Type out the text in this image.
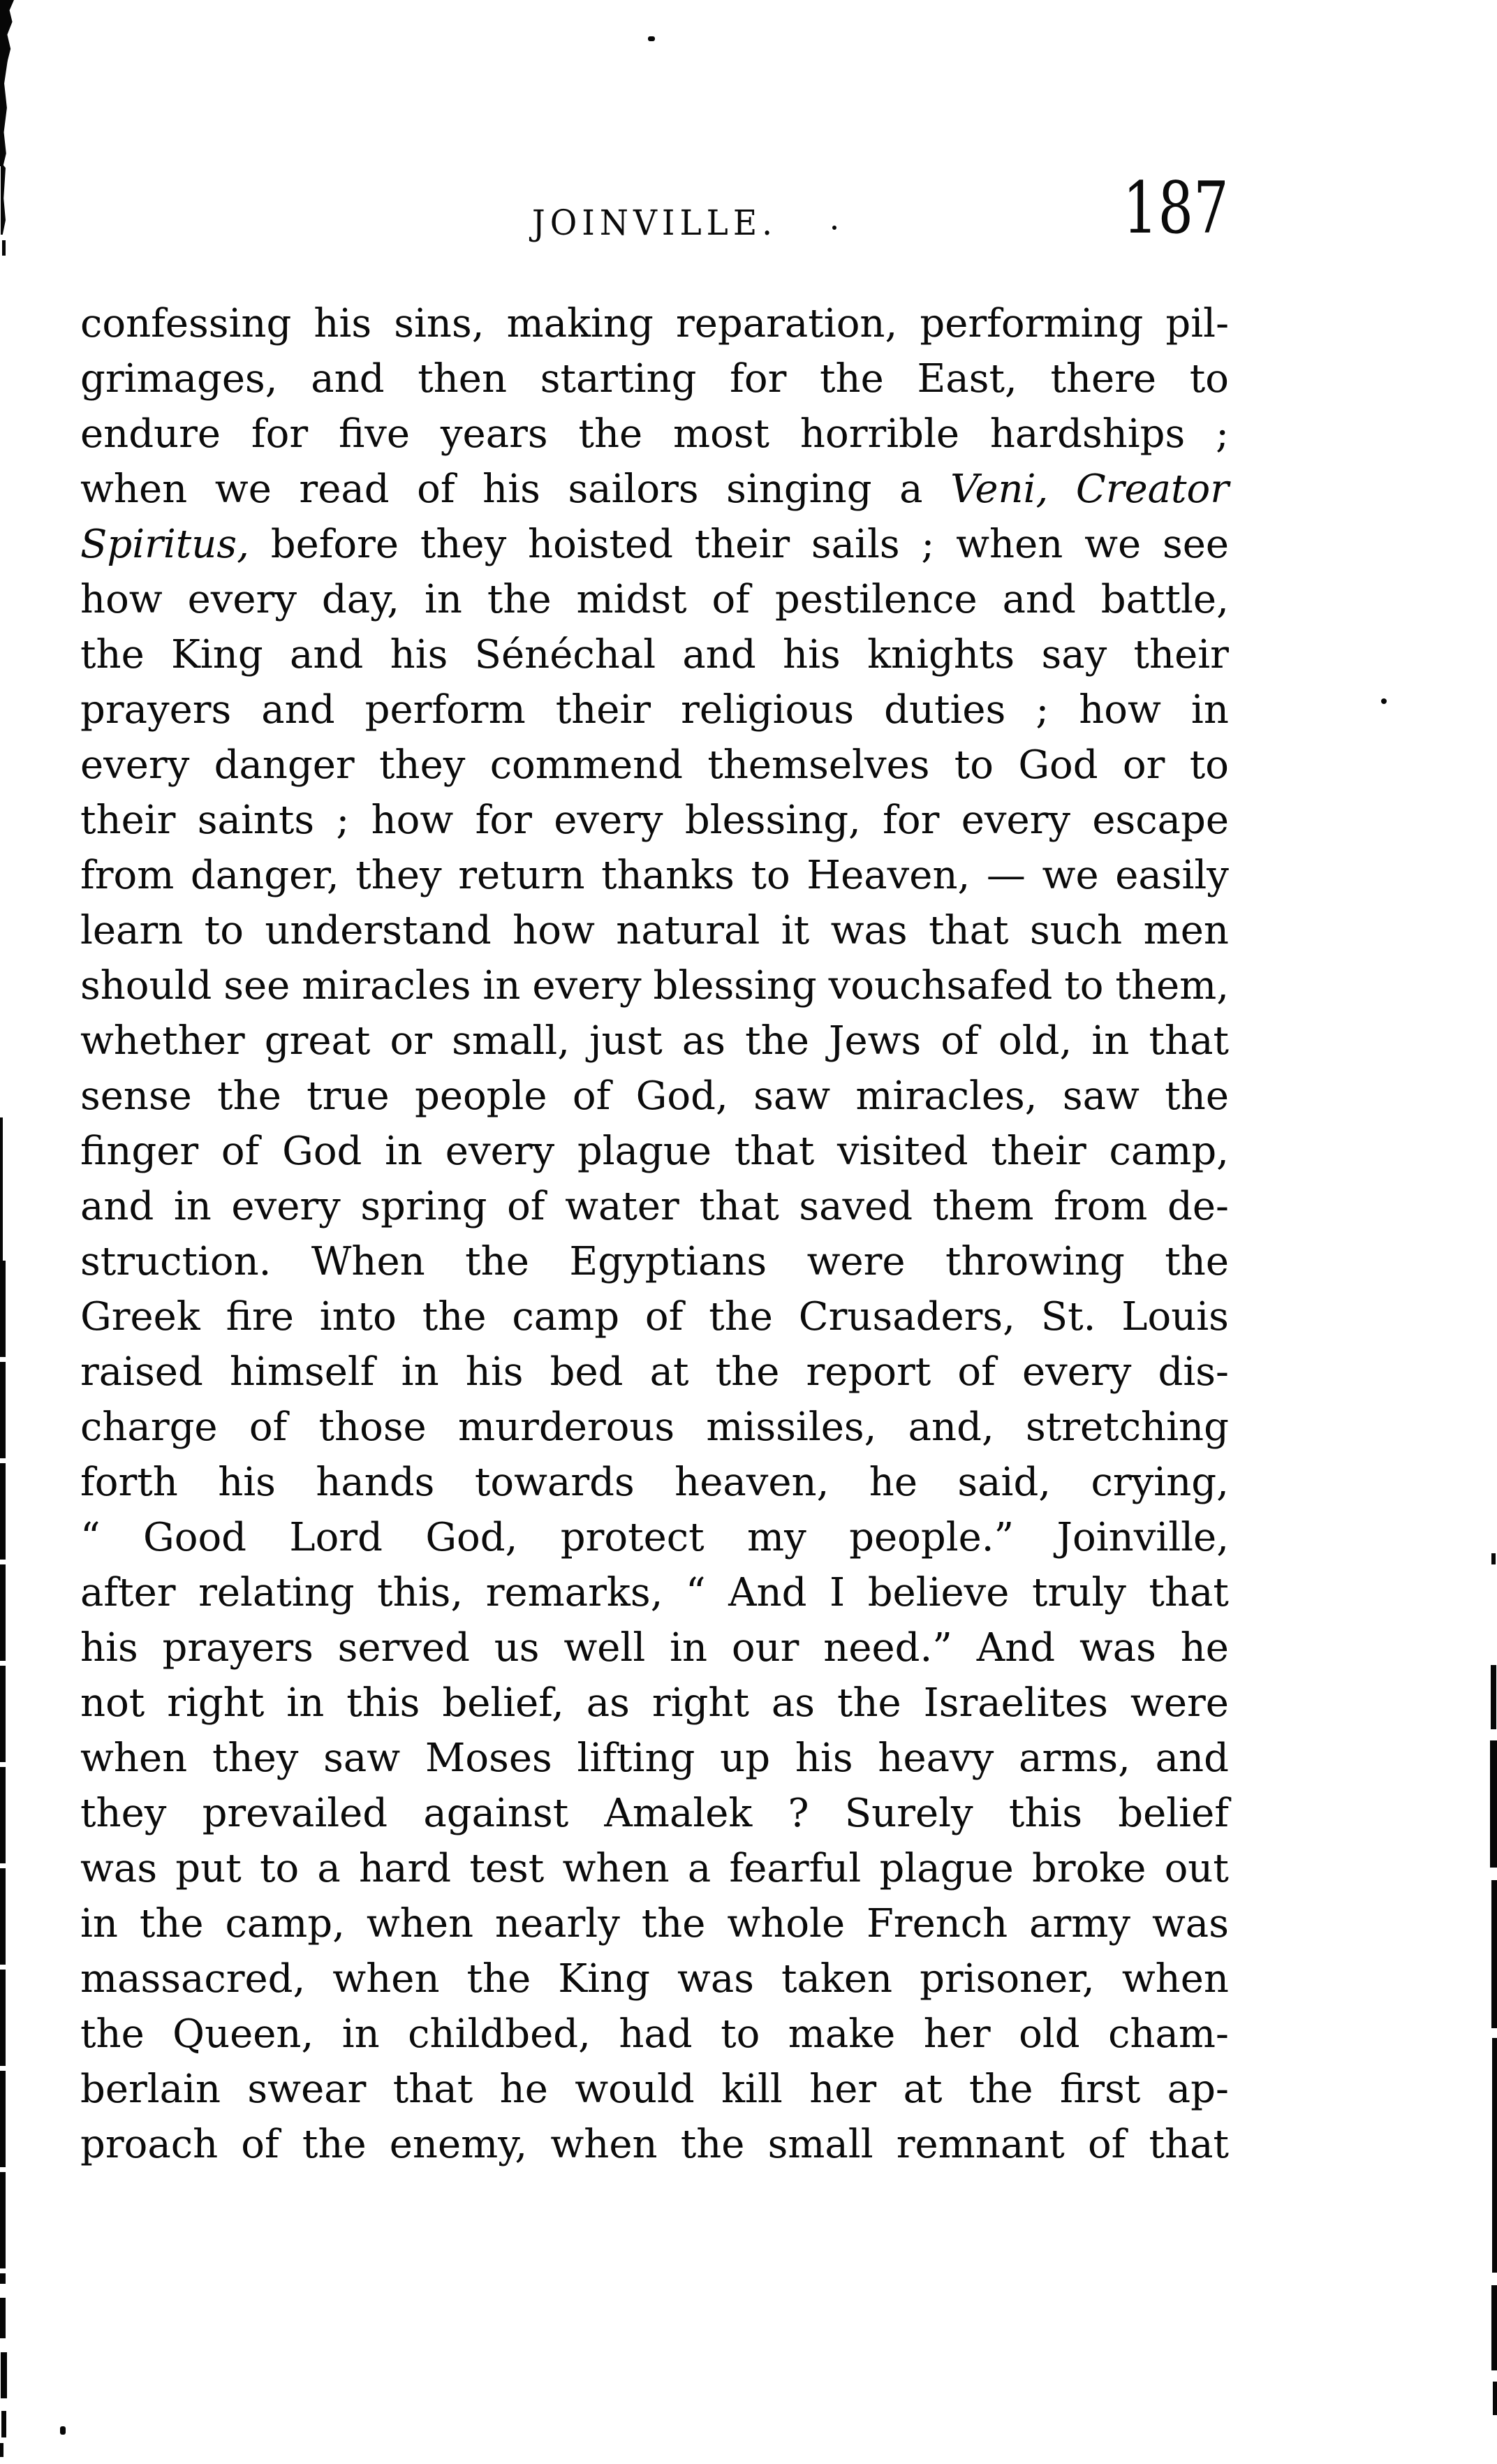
JOINVILLE.	187
confessing his sins, making reparation, performing pil-
grimages, and then starting for the East, there to
endure for five years the most horrible hardships ;
when we read of his sailors singing a Veni, Creator
Spiritus, before they hoisted their sails ; when we see
how every day, in the midst of pestilence and battle,
the King and his Sénéchal and his knights say their
prayers and perform their religious duties ; how in
every danger they commend themselves to God or to
their saints ; how for every blessing, for every escape
from danger, they return thanks to Heaven, — we easily
learn to understand how natural it was that such men
should see miracles in every blessing vouchsafed to them,
whether great or small, just as the Jews of old, in that
sense the true people of God, saw miracles, saw the
finger of God in every plague that visited their camp,
and in every spring of water that saved them from de-
struction. When the Egyptians were throwing the
Greek fire into the camp of the Crusaders, St. Louis
raised himself in his bed at the report of every dis-
charge of those murderous missiles, and, stretching
forth his hands towards heaven, he said, crying,
“ Good Lord God, protect my people.” Joinville,
after relating this, remarks, “ And I believe truly that
his prayers served us well in our need.” And was he
not right in this belief, as right as the Israelites were
when they saw Moses lifting up his heavy arms, and
they prevailed against Amalek ? Surely this belief
was put to a hard test when a fearful plague broke out
in the camp, when nearly the whole French army was
massacred, when the King was taken prisoner, when
the Queen, in childbed, had to make her old cham-
berlain swear that he would kill her at the first ap-
proach of the enemy, when the small remnant of that
